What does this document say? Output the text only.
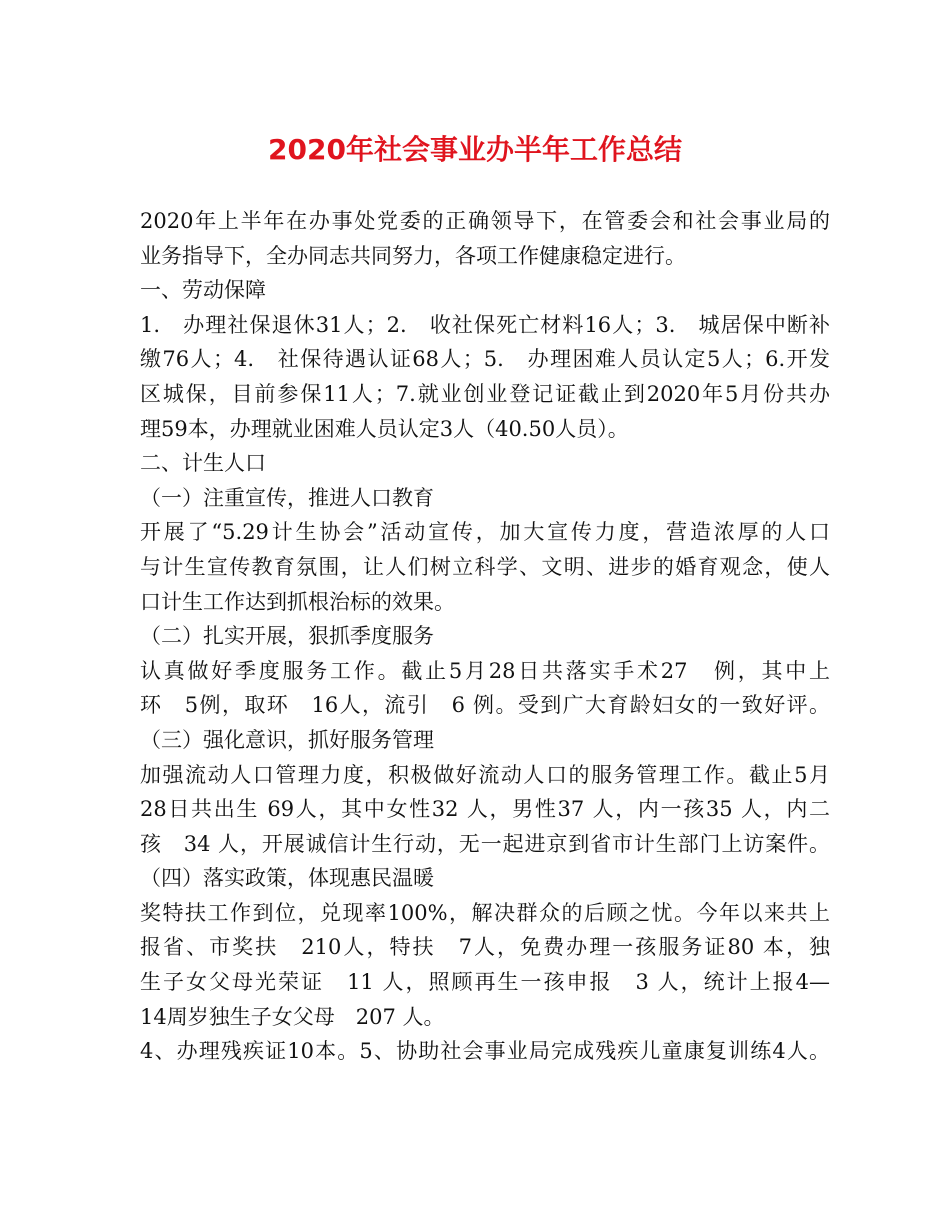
2020年社会事业办半年工作总结
2020年上半年在办事处党委的正确领导下，在管委会和社会事业局的
业务指导下，全办同志共同努力，各项工作健康稳定进行。
一、劳动保障
1.　办理社保退休31人；2.　收社保死亡材料16人；3.　城居保中断补
缴76人；4.　社保待遇认证68人；5.　办理困难人员认定5人；6.开发
区城保，目前参保11人；7.就业创业登记证截止到2020年5月份共办
理59本，办理就业困难人员认定3人（40.50人员）。
二、计生人口
（一）注重宣传，推进人口教育
开展了“5.29计生协会”活动宣传，加大宣传力度，营造浓厚的人口
与计生宣传教育氛围，让人们树立科学、文明、进步的婚育观念，使人
口计生工作达到抓根治标的效果。
（二）扎实开展，狠抓季度服务
认真做好季度服务工作。截止5月28日共落实手术27　例，其中上
环　5例，取环　16人，流引　6 例。受到广大育龄妇女的一致好评。
（三）强化意识，抓好服务管理
加强流动人口管理力度，积极做好流动人口的服务管理工作。截止5月
28日共出生 69人，其中女性32 人，男性37 人，内一孩35 人，内二
孩　34 人，开展诚信计生行动，无一起进京到省市计生部门上访案件。
（四）落实政策，体现惠民温暖
奖特扶工作到位，兑现率100%，解决群众的后顾之忧。今年以来共上
报省、市奖扶　210人，特扶　7人，免费办理一孩服务证80 本，独
生子女父母光荣证　11 人，照顾再生一孩申报　3 人，统计上报4—
14周岁独生子女父母　207 人。
4、办理残疾证10本。5、协助社会事业局完成残疾儿童康复训练4人。
